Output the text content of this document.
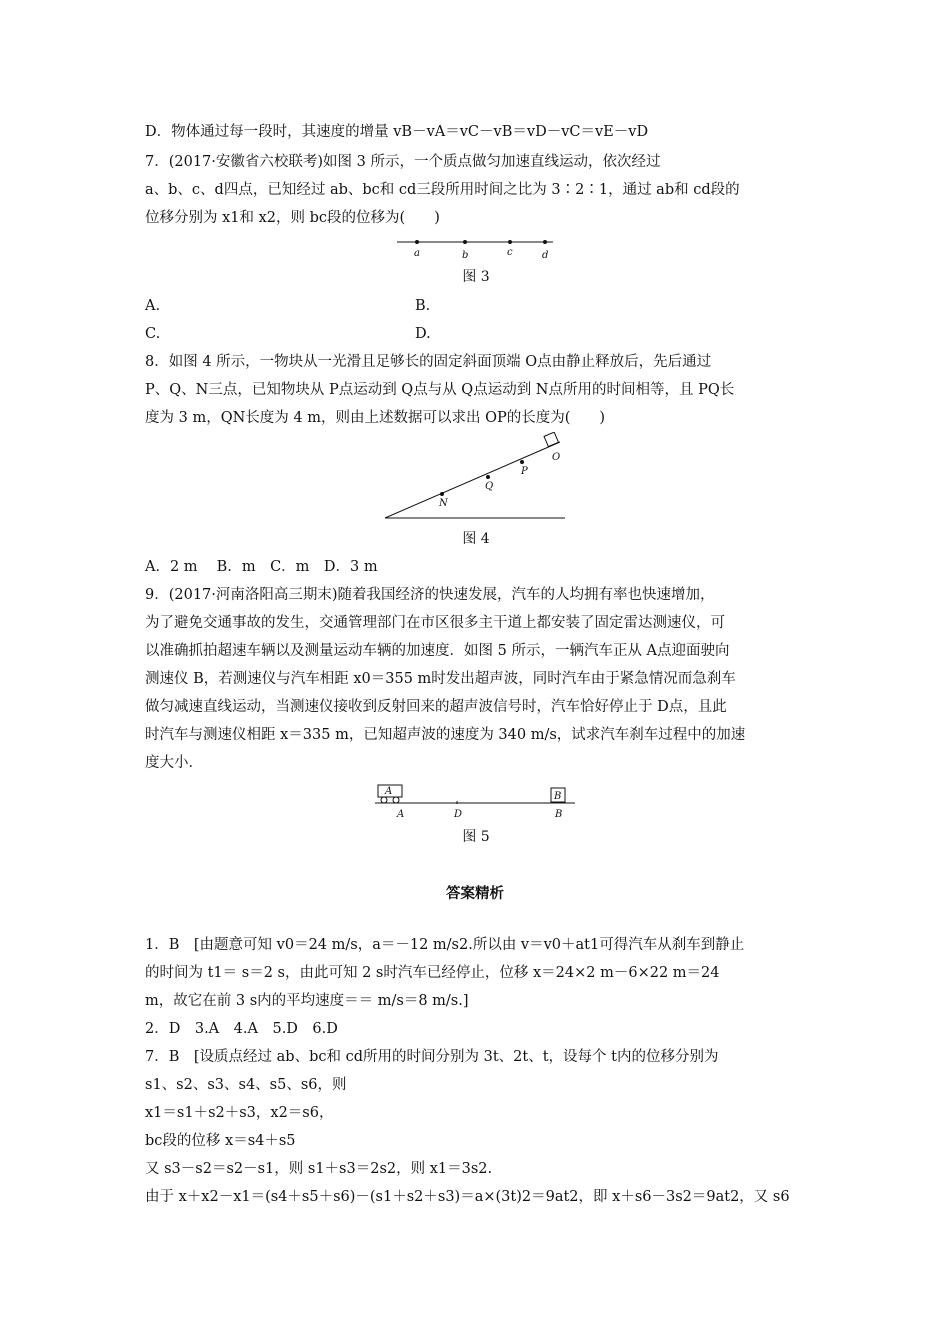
D．物体通过每一段时，其速度的增量 vB－vA＝vC－vB＝vD－vC＝vE－vD
7．(2017·安徽省六校联考)如图 3 所示，一个质点做匀加速直线运动，依次经过
a、b、c、d四点，已知经过 ab、bc和 cd三段所用时间之比为 3∶2∶1，通过 ab和 cd段的
位移分别为 x1和 x2，则 bc段的位移为(　　)
a	b	c	d
图 3
A.	B.
C.	D.
8．如图 4 所示，一物块从一光滑且足够长的固定斜面顶端 O点由静止释放后，先后通过
P、Q、N三点，已知物块从 P点运动到 Q点与从 Q点运动到 N点所用的时间相等，且 PQ长
度为 3 m，QN长度为 4 m，则由上述数据可以求出 OP的长度为(　　)
O
P
Q
N
图 4
A．2 m　 B．m　C．m　D．3 m
9．(2017·河南洛阳高三期末)随着我国经济的快速发展，汽车的人均拥有率也快速增加，
为了避免交通事故的发生，交通管理部门在市区很多主干道上都安装了固定雷达测速仪，可
以准确抓拍超速车辆以及测量运动车辆的加速度．如图 5 所示，一辆汽车正从 A点迎面驶向
测速仪 B，若测速仪与汽车相距 x0＝355 m时发出超声波，同时汽车由于紧急情况而急刹车
做匀减速直线运动，当测速仪接收到反射回来的超声波信号时，汽车恰好停止于 D点，且此
时汽车与测速仪相距 x＝335 m，已知超声波的速度为 340 m/s，试求汽车刹车过程中的加速
度大小．
B
A
A	D	B
图 5
答案精析
1．B　[由题意可知 v0＝24 m/s，a＝－12 m/s2.所以由 v＝v0＋at1可得汽车从刹车到静止
的时间为 t1＝ s＝2 s，由此可知 2 s时汽车已经停止，位移 x＝24×2 m－6×22 m＝24
m，故它在前 3 s内的平均速度＝＝ m/s＝8 m/s.]
2．D　3.A　4.A　5.D　6.D
7．B　[设质点经过 ab、bc和 cd所用的时间分别为 3t、2t、t，设每个 t内的位移分别为
s1、s2、s3、s4、s5、s6，则
x1＝s1＋s2＋s3，x2＝s6，
bc段的位移 x＝s4＋s5
又 s3－s2＝s2－s1，则 s1＋s3＝2s2，则 x1＝3s2.
由于 x＋x2－x1＝(s4＋s5＋s6)－(s1＋s2＋s3)＝a×(3t)2＝9at2，即 x＋s6－3s2＝9at2，又 s6
